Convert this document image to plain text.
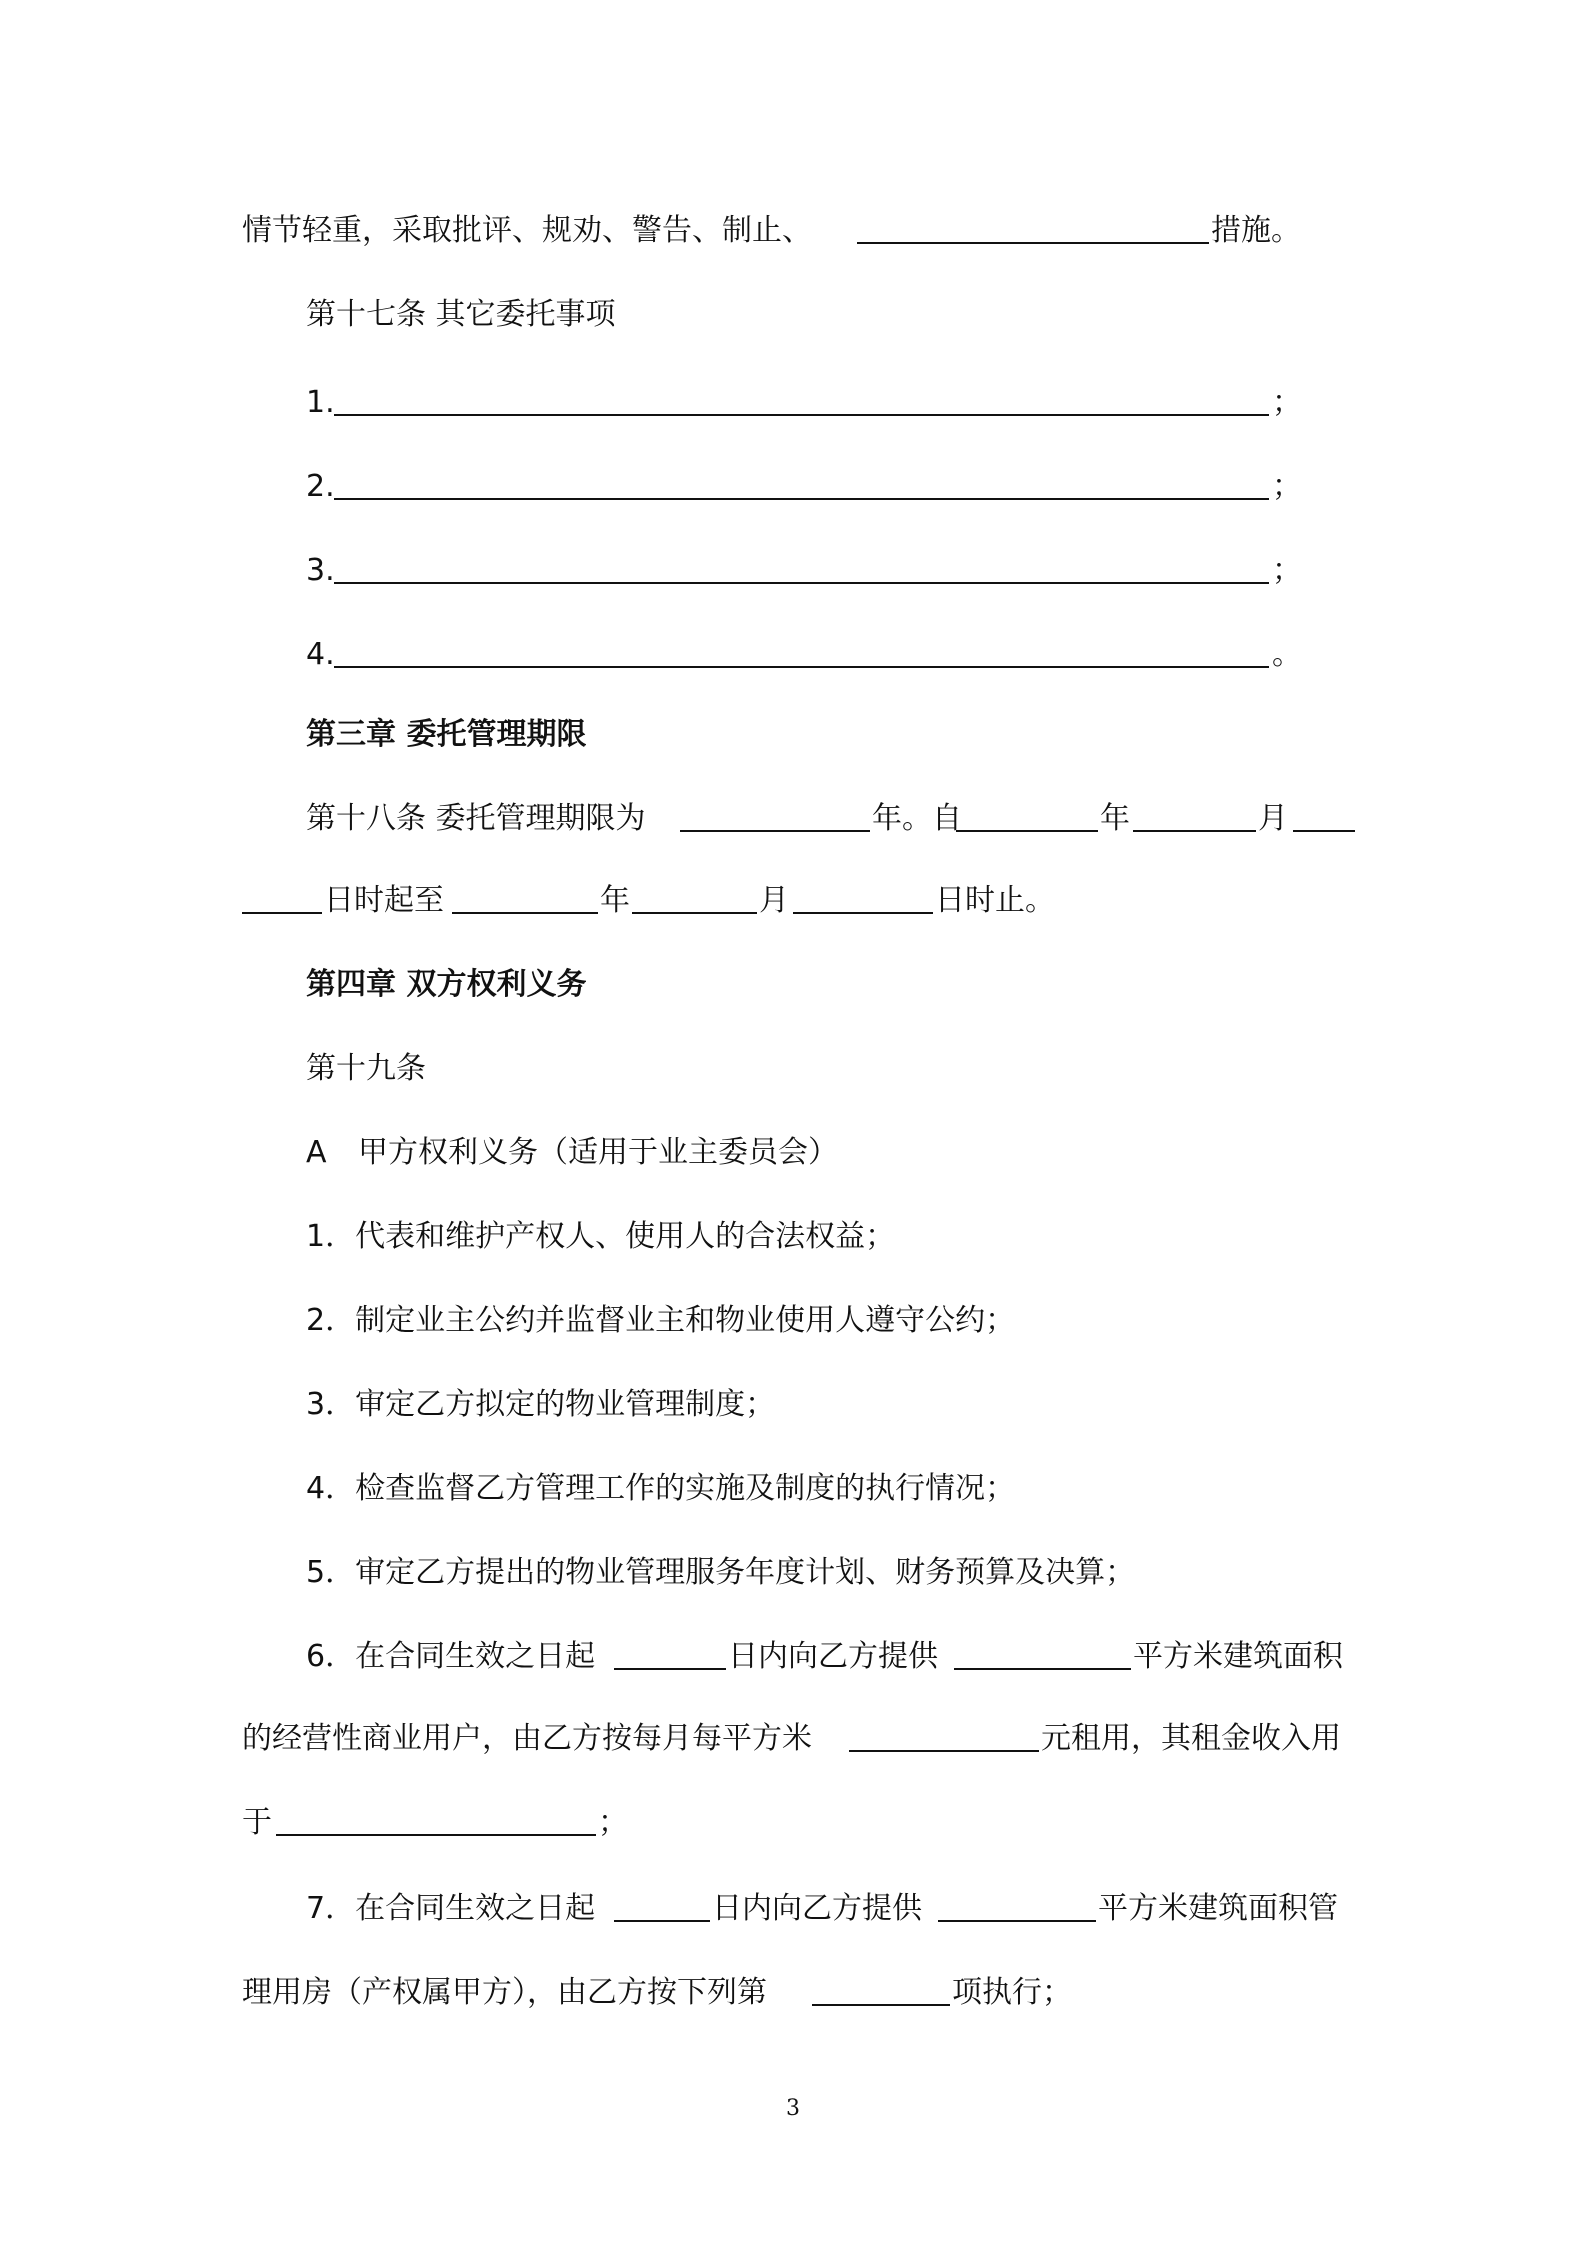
情节轻重，采取批评、规劝、警告、制止、	措施。
第十七条 其它委托事项
1.	；
2.	；
3.	；
4.	。
第三章 委托管理期限
第十八条 委托管理期限为	年。自	年	月
日时起至	年	月	日时止。
第四章 双方权利义务
第十九条
A 甲方权利义务（适用于业主委员会）
1．代表和维护产权人、使用人的合法权益；
2．制定业主公约并监督业主和物业使用人遵守公约；
3．审定乙方拟定的物业管理制度；
4．检查监督乙方管理工作的实施及制度的执行情况；
5．审定乙方提出的物业管理服务年度计划、财务预算及决算；
6．在合同生效之日起	日内向乙方提供	平方米建筑面积
的经营性商业用户，由乙方按每月每平方米	元租用，其租金收入用
于	；
7．在合同生效之日起	日内向乙方提供	平方米建筑面积管
理用房（产权属甲方），由乙方按下列第	项执行；
3
